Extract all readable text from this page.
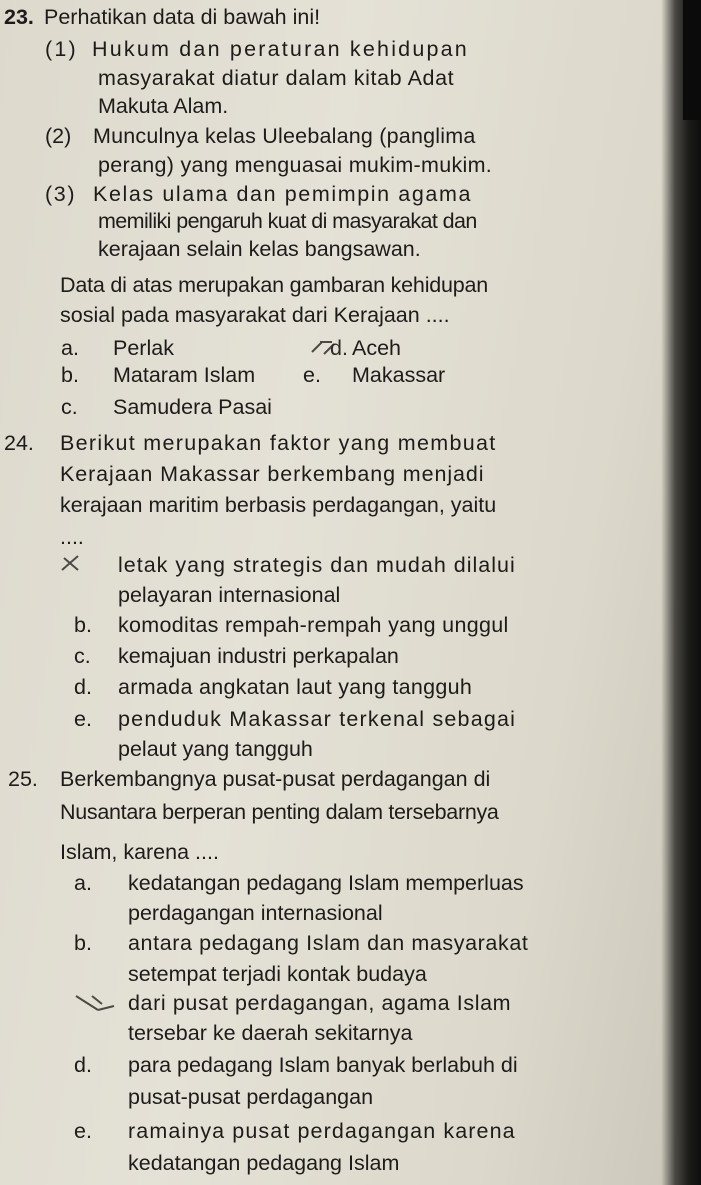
23. Perhatikan data di bawah ini!
(1) Hukum dan peraturan kehidupan
masyarakat diatur dalam kitab Adat
Makuta Alam.
(2) Munculnya kelas Uleebalang (panglima
perang) yang menguasai mukim-mukim.
(3) Kelas ulama dan pemimpin agama
memiliki pengaruh kuat di masyarakat dan
kerajaan selain kelas bangsawan.
Data di atas merupakan gambaran kehidupan
sosial pada masyarakat dari Kerajaan ....
a. Perlak
b. Mataram Islam
c. Samudera Pasai
d. Aceh
e. Makassar
24. Berikut merupakan faktor yang membuat
Kerajaan Makassar berkembang menjadi
kerajaan maritim berbasis perdagangan, yaitu
....
letak yang strategis dan mudah dilalui
pelayaran internasional
b. komoditas rempah-rempah yang unggul
c. kemajuan industri perkapalan
d. armada angkatan laut yang tangguh
e. penduduk Makassar terkenal sebagai
pelaut yang tangguh
25. Berkembangnya pusat-pusat perdagangan di
Nusantara berperan penting dalam tersebarnya
Islam, karena ....
a. kedatangan pedagang Islam memperluas
perdagangan internasional
b. antara pedagang Islam dan masyarakat
setempat terjadi kontak budaya
dari pusat perdagangan, agama Islam
tersebar ke daerah sekitarnya
d. para pedagang Islam banyak berlabuh di
pusat-pusat perdagangan
e. ramainya pusat perdagangan karena
kedatangan pedagang Islam
